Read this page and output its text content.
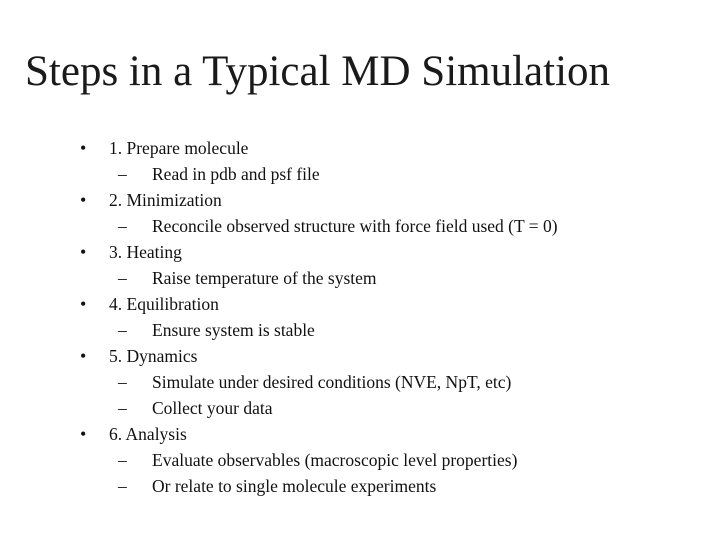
Steps in a Typical MD Simulation
• 1. Prepare molecule
– Read in pdb and psf file
• 2. Minimization
– Reconcile observed structure with force field used (T = 0)
• 3. Heating
– Raise temperature of the system
• 4. Equilibration
– Ensure system is stable
• 5. Dynamics
– Simulate under desired conditions (NVE, NpT, etc)
– Collect your data
• 6. Analysis
– Evaluate observables (macroscopic level properties)
– Or relate to single molecule experiments
